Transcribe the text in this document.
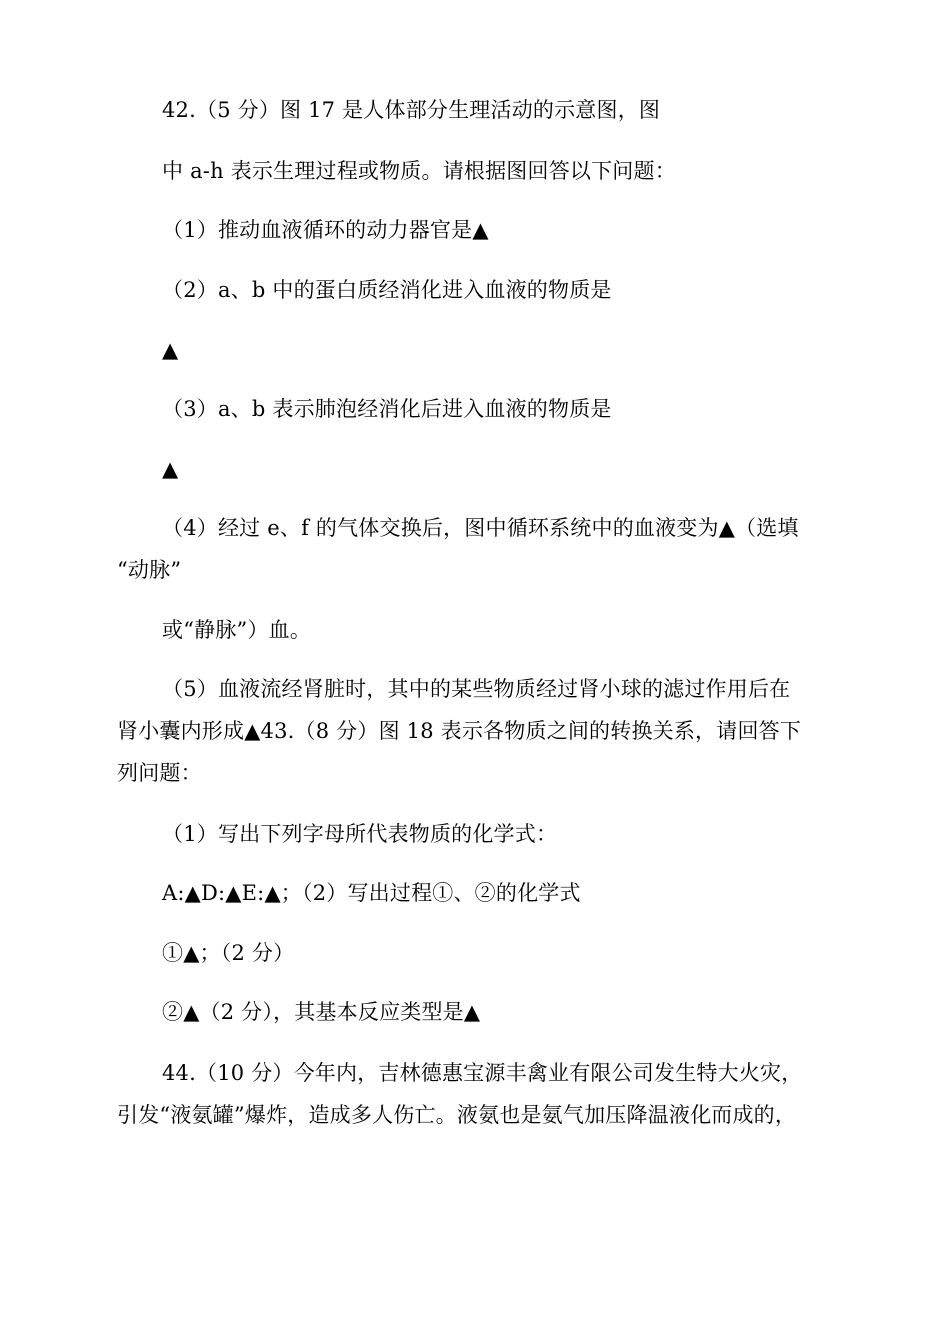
42.（5 分）图 17 是人体部分生理活动的示意图，图
中 a-h 表示生理过程或物质。请根据图回答以下问题：
（1）推动血液循环的动力器官是▲
（2）a、b 中的蛋白质经消化进入血液的物质是
▲
（3）a、b 表示肺泡经消化后进入血液的物质是
▲
（4）经过 e、f 的气体交换后，图中循环系统中的血液变为▲（选填
“动脉”
或“静脉”）血。
（5）血液流经肾脏时，其中的某些物质经过肾小球的滤过作用后在
肾小囊内形成▲43.（8 分）图 18 表示各物质之间的转换关系，请回答下
列问题：
（1）写出下列字母所代表物质的化学式：
A:▲D:▲E:▲；（2）写出过程①、②的化学式
①▲；（2 分）
②▲（2 分），其基本反应类型是▲
44.（10 分）今年内，吉林德惠宝源丰禽业有限公司发生特大火灾，
引发“液氨罐”爆炸，造成多人伤亡。液氨也是氨气加压降温液化而成的，
